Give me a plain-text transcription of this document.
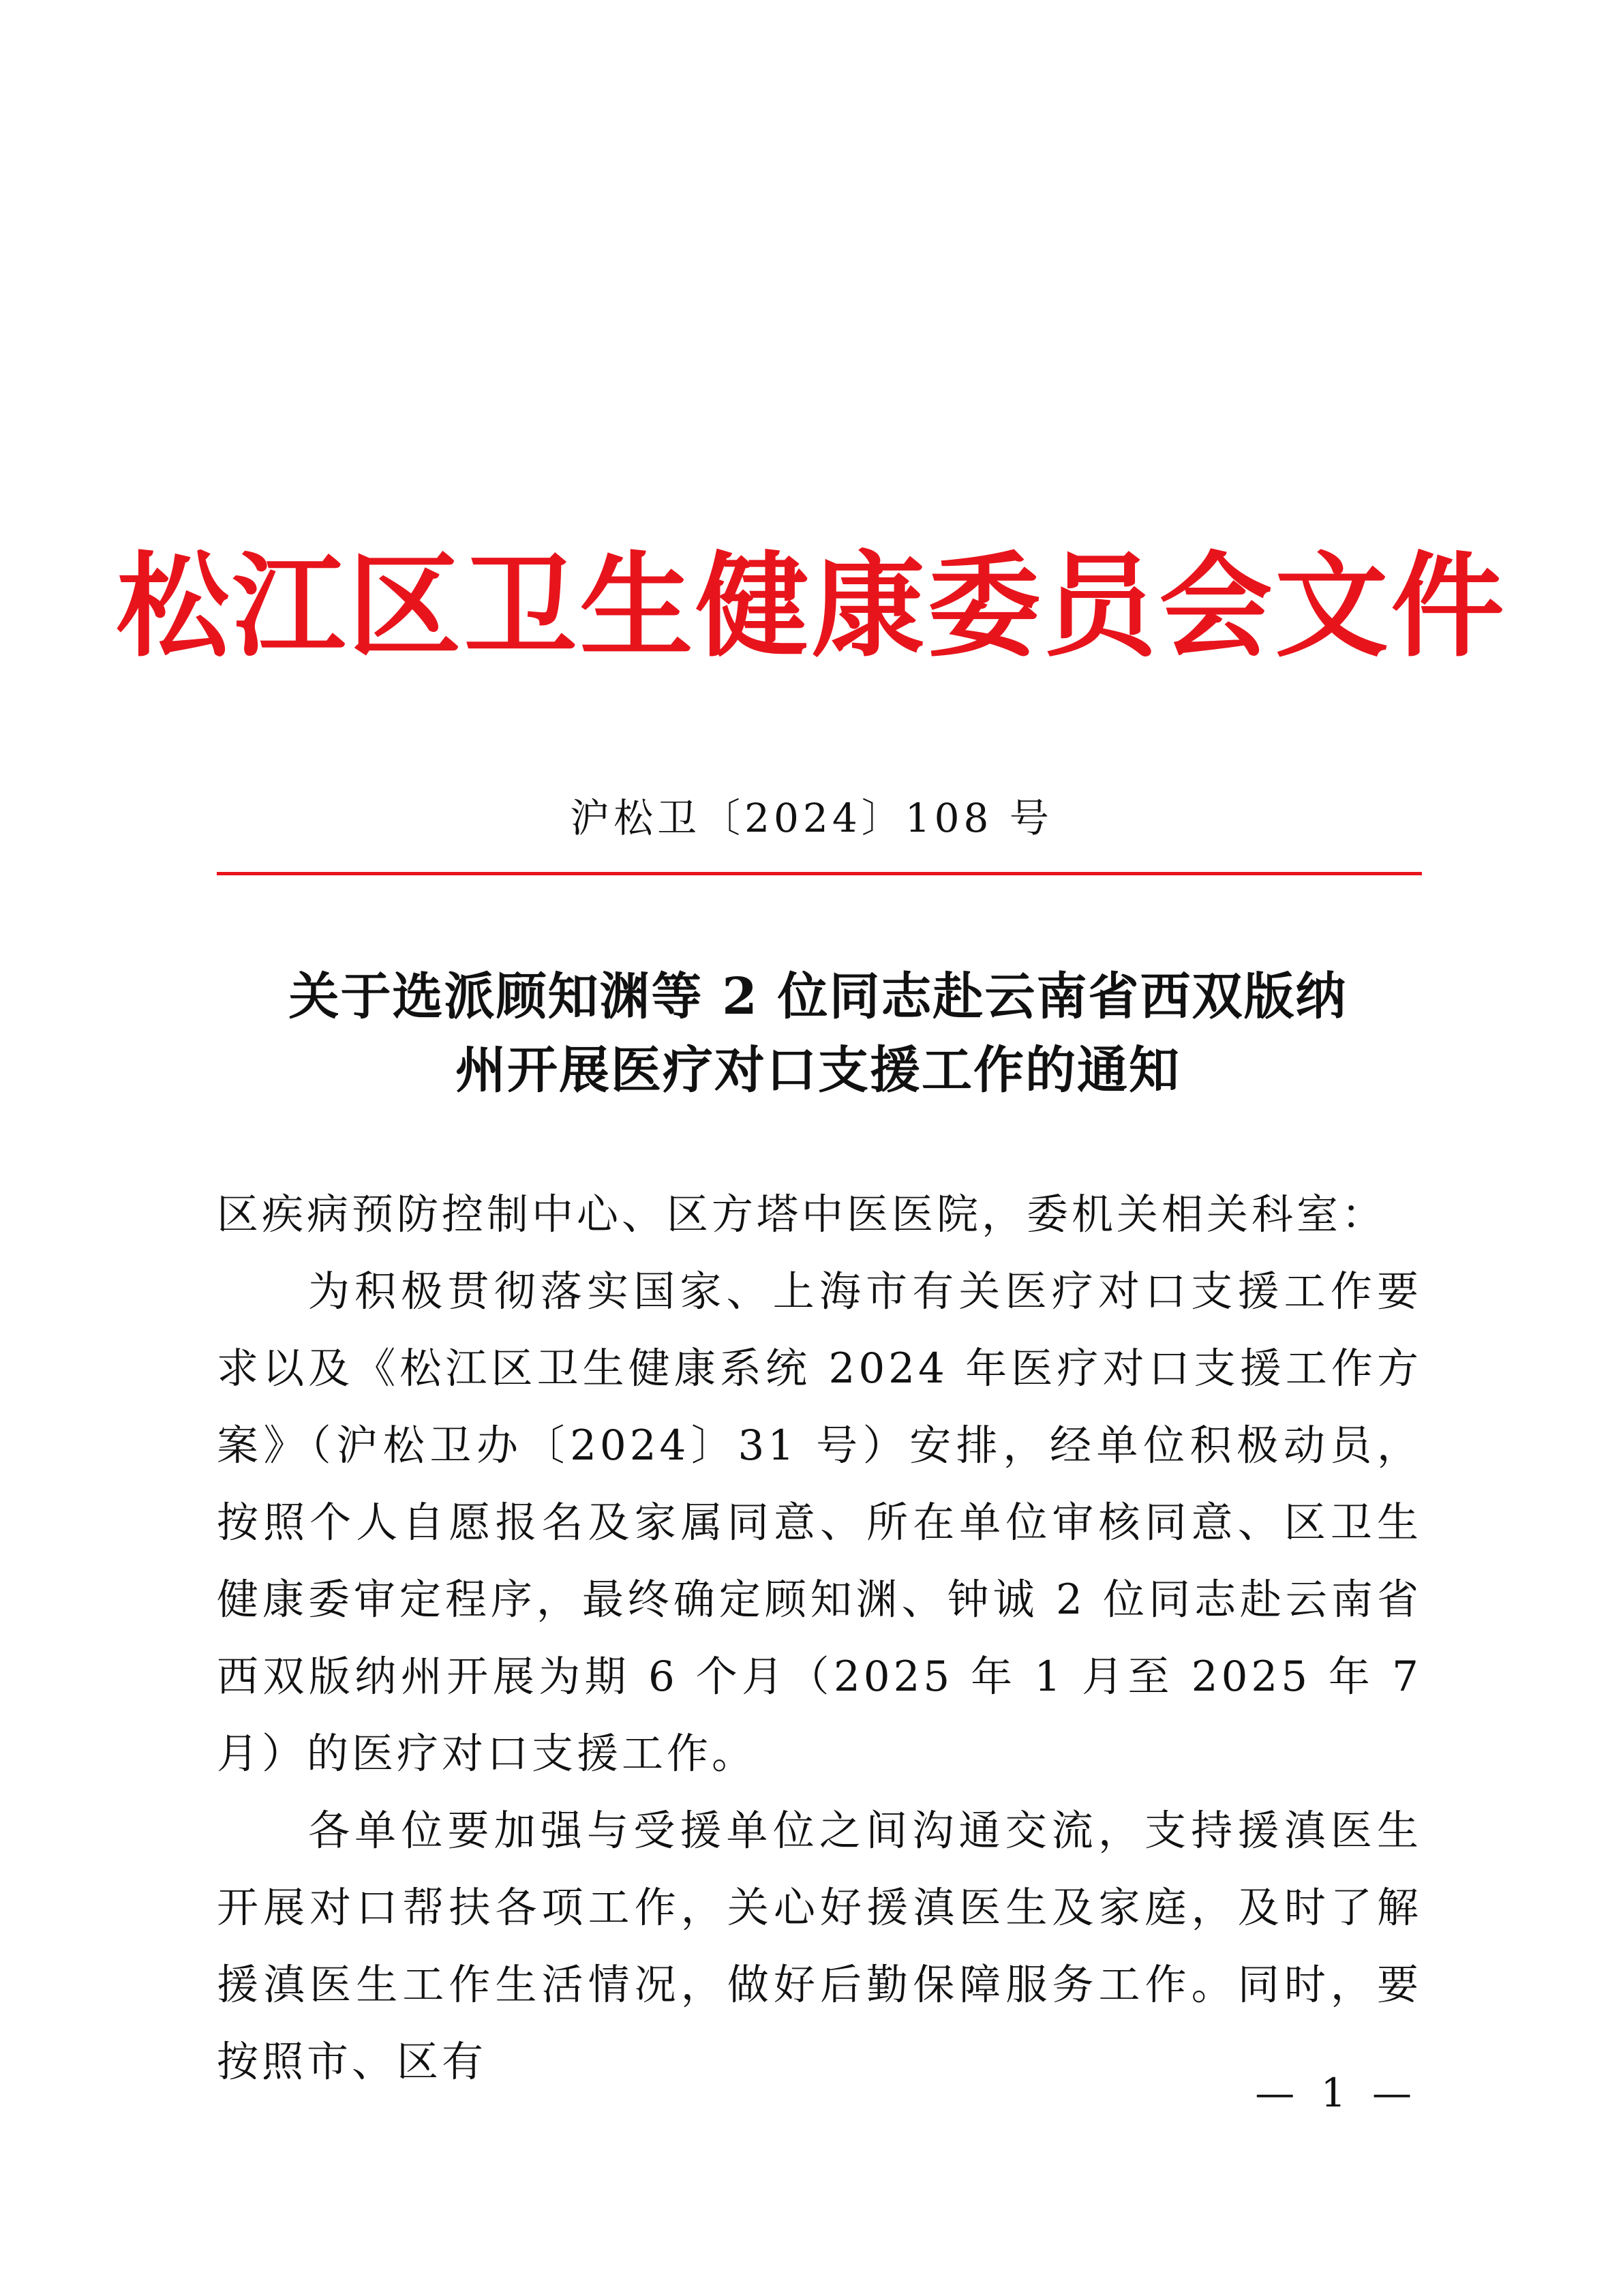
松江区卫生健康委员会文件
沪松卫〔2024〕108 号
关于选派顾知渊等 2 位同志赴云南省西双版纳
州开展医疗对口支援工作的通知

区疾病预防控制中心、区方塔中医医院，委机关相关科室：

为积极贯彻落实国家、上海市有关医疗对口支援工作要求以及《松江区卫生健康系统 2024 年医疗对口支援工作方案》（沪松卫办〔2024〕31 号）安排，经单位积极动员，按照个人自愿报名及家属同意、所在单位审核同意、区卫生健康委审定程序，最终确定顾知渊、钟诚 2 位同志赴云南省西双版纳州开展为期 6 个月（2025 年 1 月至 2025 年 7 月）的医疗对口支援工作。

各单位要加强与受援单位之间沟通交流，支持援滇医生开展对口帮扶各项工作，关心好援滇医生及家庭，及时了解援滇医生工作生活情况，做好后勤保障服务工作。同时，要按照市、区有

— 1 —
